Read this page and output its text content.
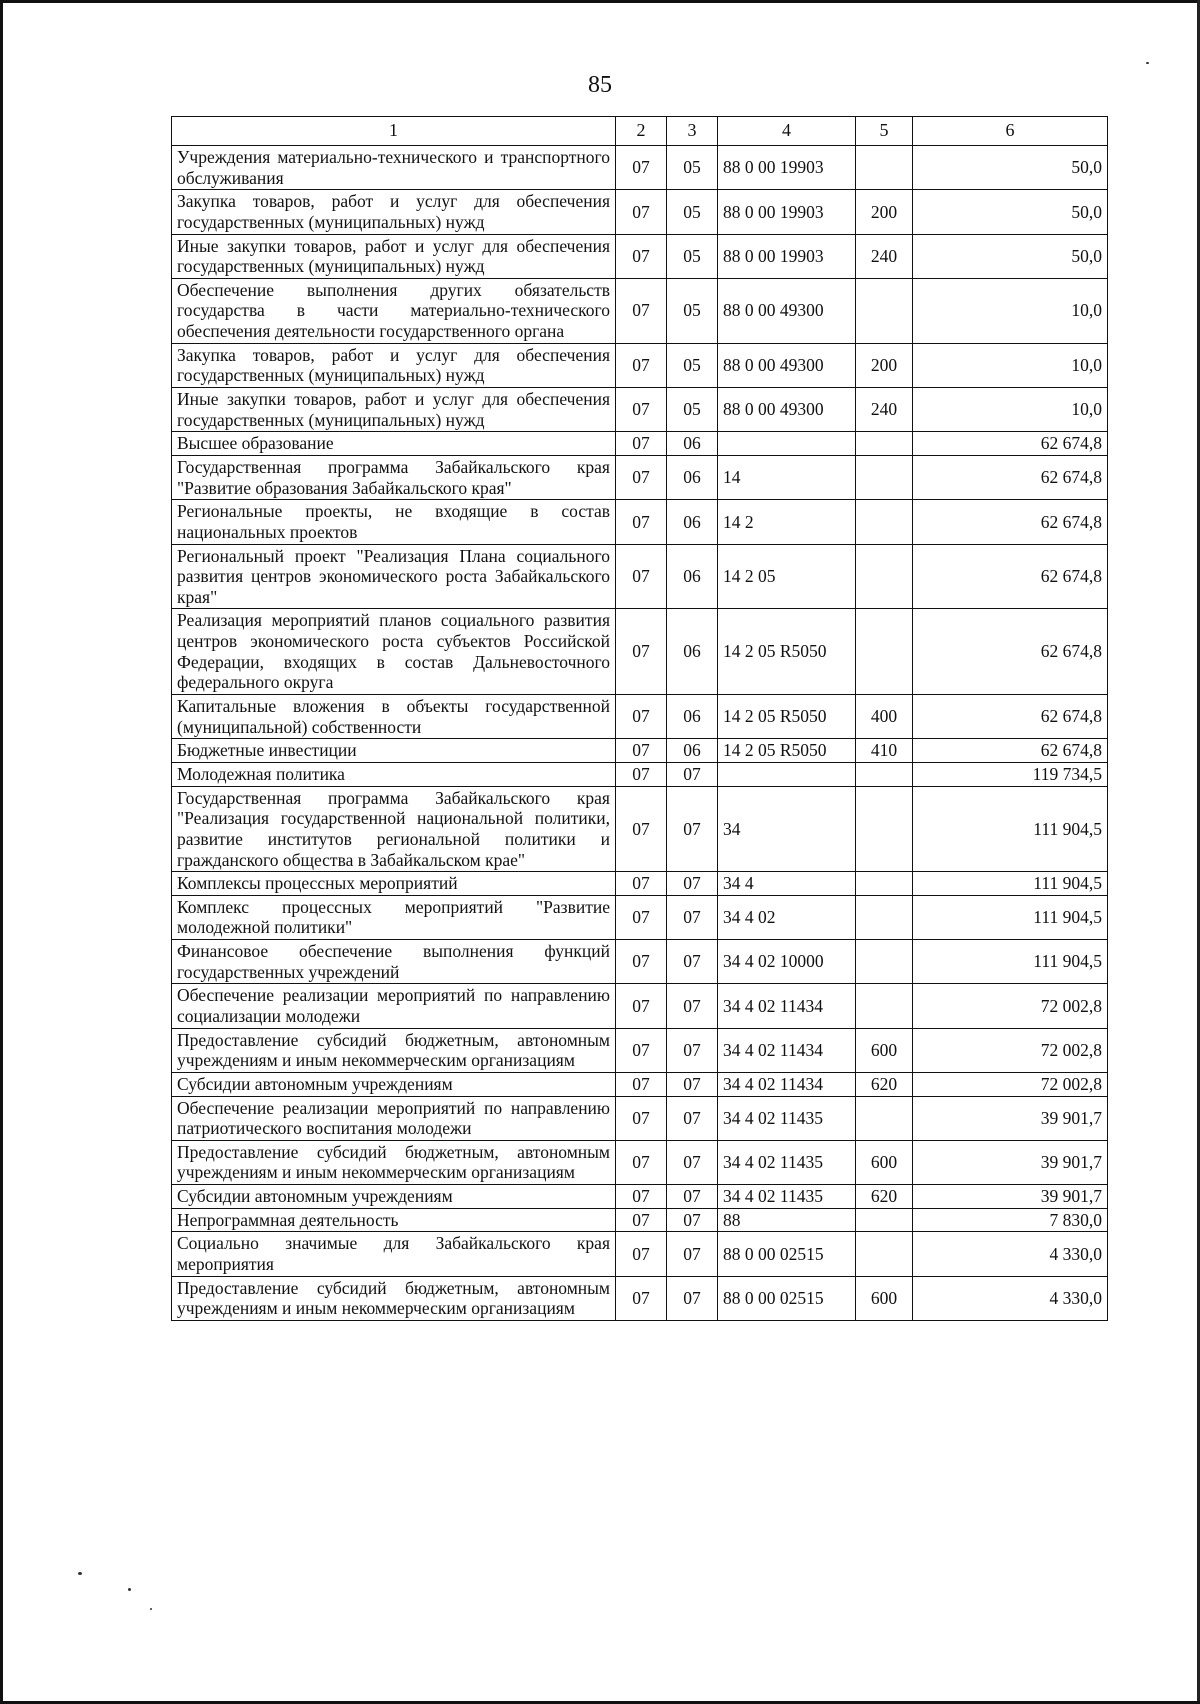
85
1	2	3	4	5	6
Учреждения материально-технического и транспортного обслуживания	07	05	88 0 00 19903		50,0
Закупка товаров, работ и услуг для обеспечения государственных (муниципальных) нужд	07	05	88 0 00 19903	200	50,0
Иные закупки товаров, работ и услуг для обеспечения государственных (муниципальных) нужд	07	05	88 0 00 19903	240	50,0
Обеспечение выполнения других обязательств государства в части материально-технического обеспечения деятельности государственного органа	07	05	88 0 00 49300		10,0
Закупка товаров, работ и услуг для обеспечения государственных (муниципальных) нужд	07	05	88 0 00 49300	200	10,0
Иные закупки товаров, работ и услуг для обеспечения государственных (муниципальных) нужд	07	05	88 0 00 49300	240	10,0
Высшее образование	07	06			62 674,8
Государственная программа Забайкальского края "Развитие образования Забайкальского края"	07	06	14		62 674,8
Региональные проекты, не входящие в состав национальных проектов	07	06	14 2		62 674,8
Региональный проект "Реализация Плана социального развития центров экономического роста Забайкальского края"	07	06	14 2 05		62 674,8
Реализация мероприятий планов социального развития центров экономического роста субъектов Российской Федерации, входящих в состав Дальневосточного федерального округа	07	06	14 2 05 R5050		62 674,8
Капитальные вложения в объекты государственной (муниципальной) собственности	07	06	14 2 05 R5050	400	62 674,8
Бюджетные инвестиции	07	06	14 2 05 R5050	410	62 674,8
Молодежная политика	07	07			119 734,5
Государственная программа Забайкальского края "Реализация государственной национальной политики, развитие институтов региональной политики и гражданского общества в Забайкальском крае"	07	07	34		111 904,5
Комплексы процессных мероприятий	07	07	34 4		111 904,5
Комплекс процессных мероприятий "Развитие молодежной политики"	07	07	34 4 02		111 904,5
Финансовое обеспечение выполнения функций государственных учреждений	07	07	34 4 02 10000		111 904,5
Обеспечение реализации мероприятий по направлению социализации молодежи	07	07	34 4 02 11434		72 002,8
Предоставление субсидий бюджетным, автономным учреждениям и иным некоммерческим организациям	07	07	34 4 02 11434	600	72 002,8
Субсидии автономным учреждениям	07	07	34 4 02 11434	620	72 002,8
Обеспечение реализации мероприятий по направлению патриотического воспитания молодежи	07	07	34 4 02 11435		39 901,7
Предоставление субсидий бюджетным, автономным учреждениям и иным некоммерческим организациям	07	07	34 4 02 11435	600	39 901,7
Субсидии автономным учреждениям	07	07	34 4 02 11435	620	39 901,7
Непрограммная деятельность	07	07	88		7 830,0
Социально значимые для Забайкальского края мероприятия	07	07	88 0 00 02515		4 330,0
Предоставление субсидий бюджетным, автономным учреждениям и иным некоммерческим организациям	07	07	88 0 00 02515	600	4 330,0
